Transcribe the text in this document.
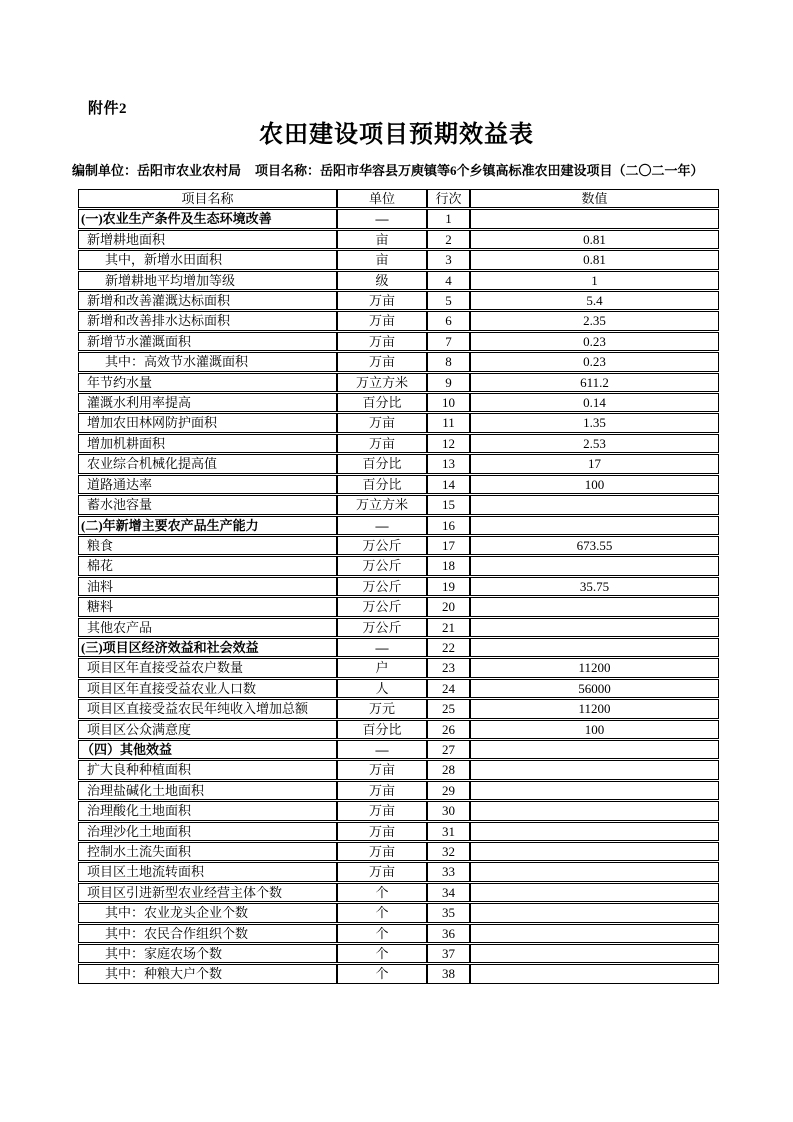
附件2
农田建设项目预期效益表
编制单位：岳阳市农业农村局 项目名称：岳阳市华容县万庾镇等6个乡镇高标准农田建设项目（二〇二一年）
项目名称	单位	行次	数值
(一)农业生产条件及生态环境改善	—	1	
新增耕地面积	亩	2	0.81
其中，新增水田面积	亩	3	0.81
新增耕地平均增加等级	级	4	1
新增和改善灌溉达标面积	万亩	5	5.4
新增和改善排水达标面积	万亩	6	2.35
新增节水灌溉面积	万亩	7	0.23
其中：高效节水灌溉面积	万亩	8	0.23
年节约水量	万立方米	9	611.2
灌溉水利用率提高	百分比	10	0.14
增加农田林网防护面积	万亩	11	1.35
增加机耕面积	万亩	12	2.53
农业综合机械化提高值	百分比	13	17
道路通达率	百分比	14	100
蓄水池容量	万立方米	15	
(二)年新增主要农产品生产能力	—	16	
粮食	万公斤	17	673.55
棉花	万公斤	18	
油料	万公斤	19	35.75
糖料	万公斤	20	
其他农产品	万公斤	21	
(三)项目区经济效益和社会效益	—	22	
项目区年直接受益农户数量	户	23	11200
项目区年直接受益农业人口数	人	24	56000
项目区直接受益农民年纯收入增加总额	万元	25	11200
项目区公众满意度	百分比	26	100
（四）其他效益	—	27	
扩大良种种植面积	万亩	28	
治理盐碱化土地面积	万亩	29	
治理酸化土地面积	万亩	30	
治理沙化土地面积	万亩	31	
控制水土流失面积	万亩	32	
项目区土地流转面积	万亩	33	
项目区引进新型农业经营主体个数	个	34	
其中：农业龙头企业个数	个	35	
其中：农民合作组织个数	个	36	
其中：家庭农场个数	个	37	
其中：种粮大户个数	个	38	
